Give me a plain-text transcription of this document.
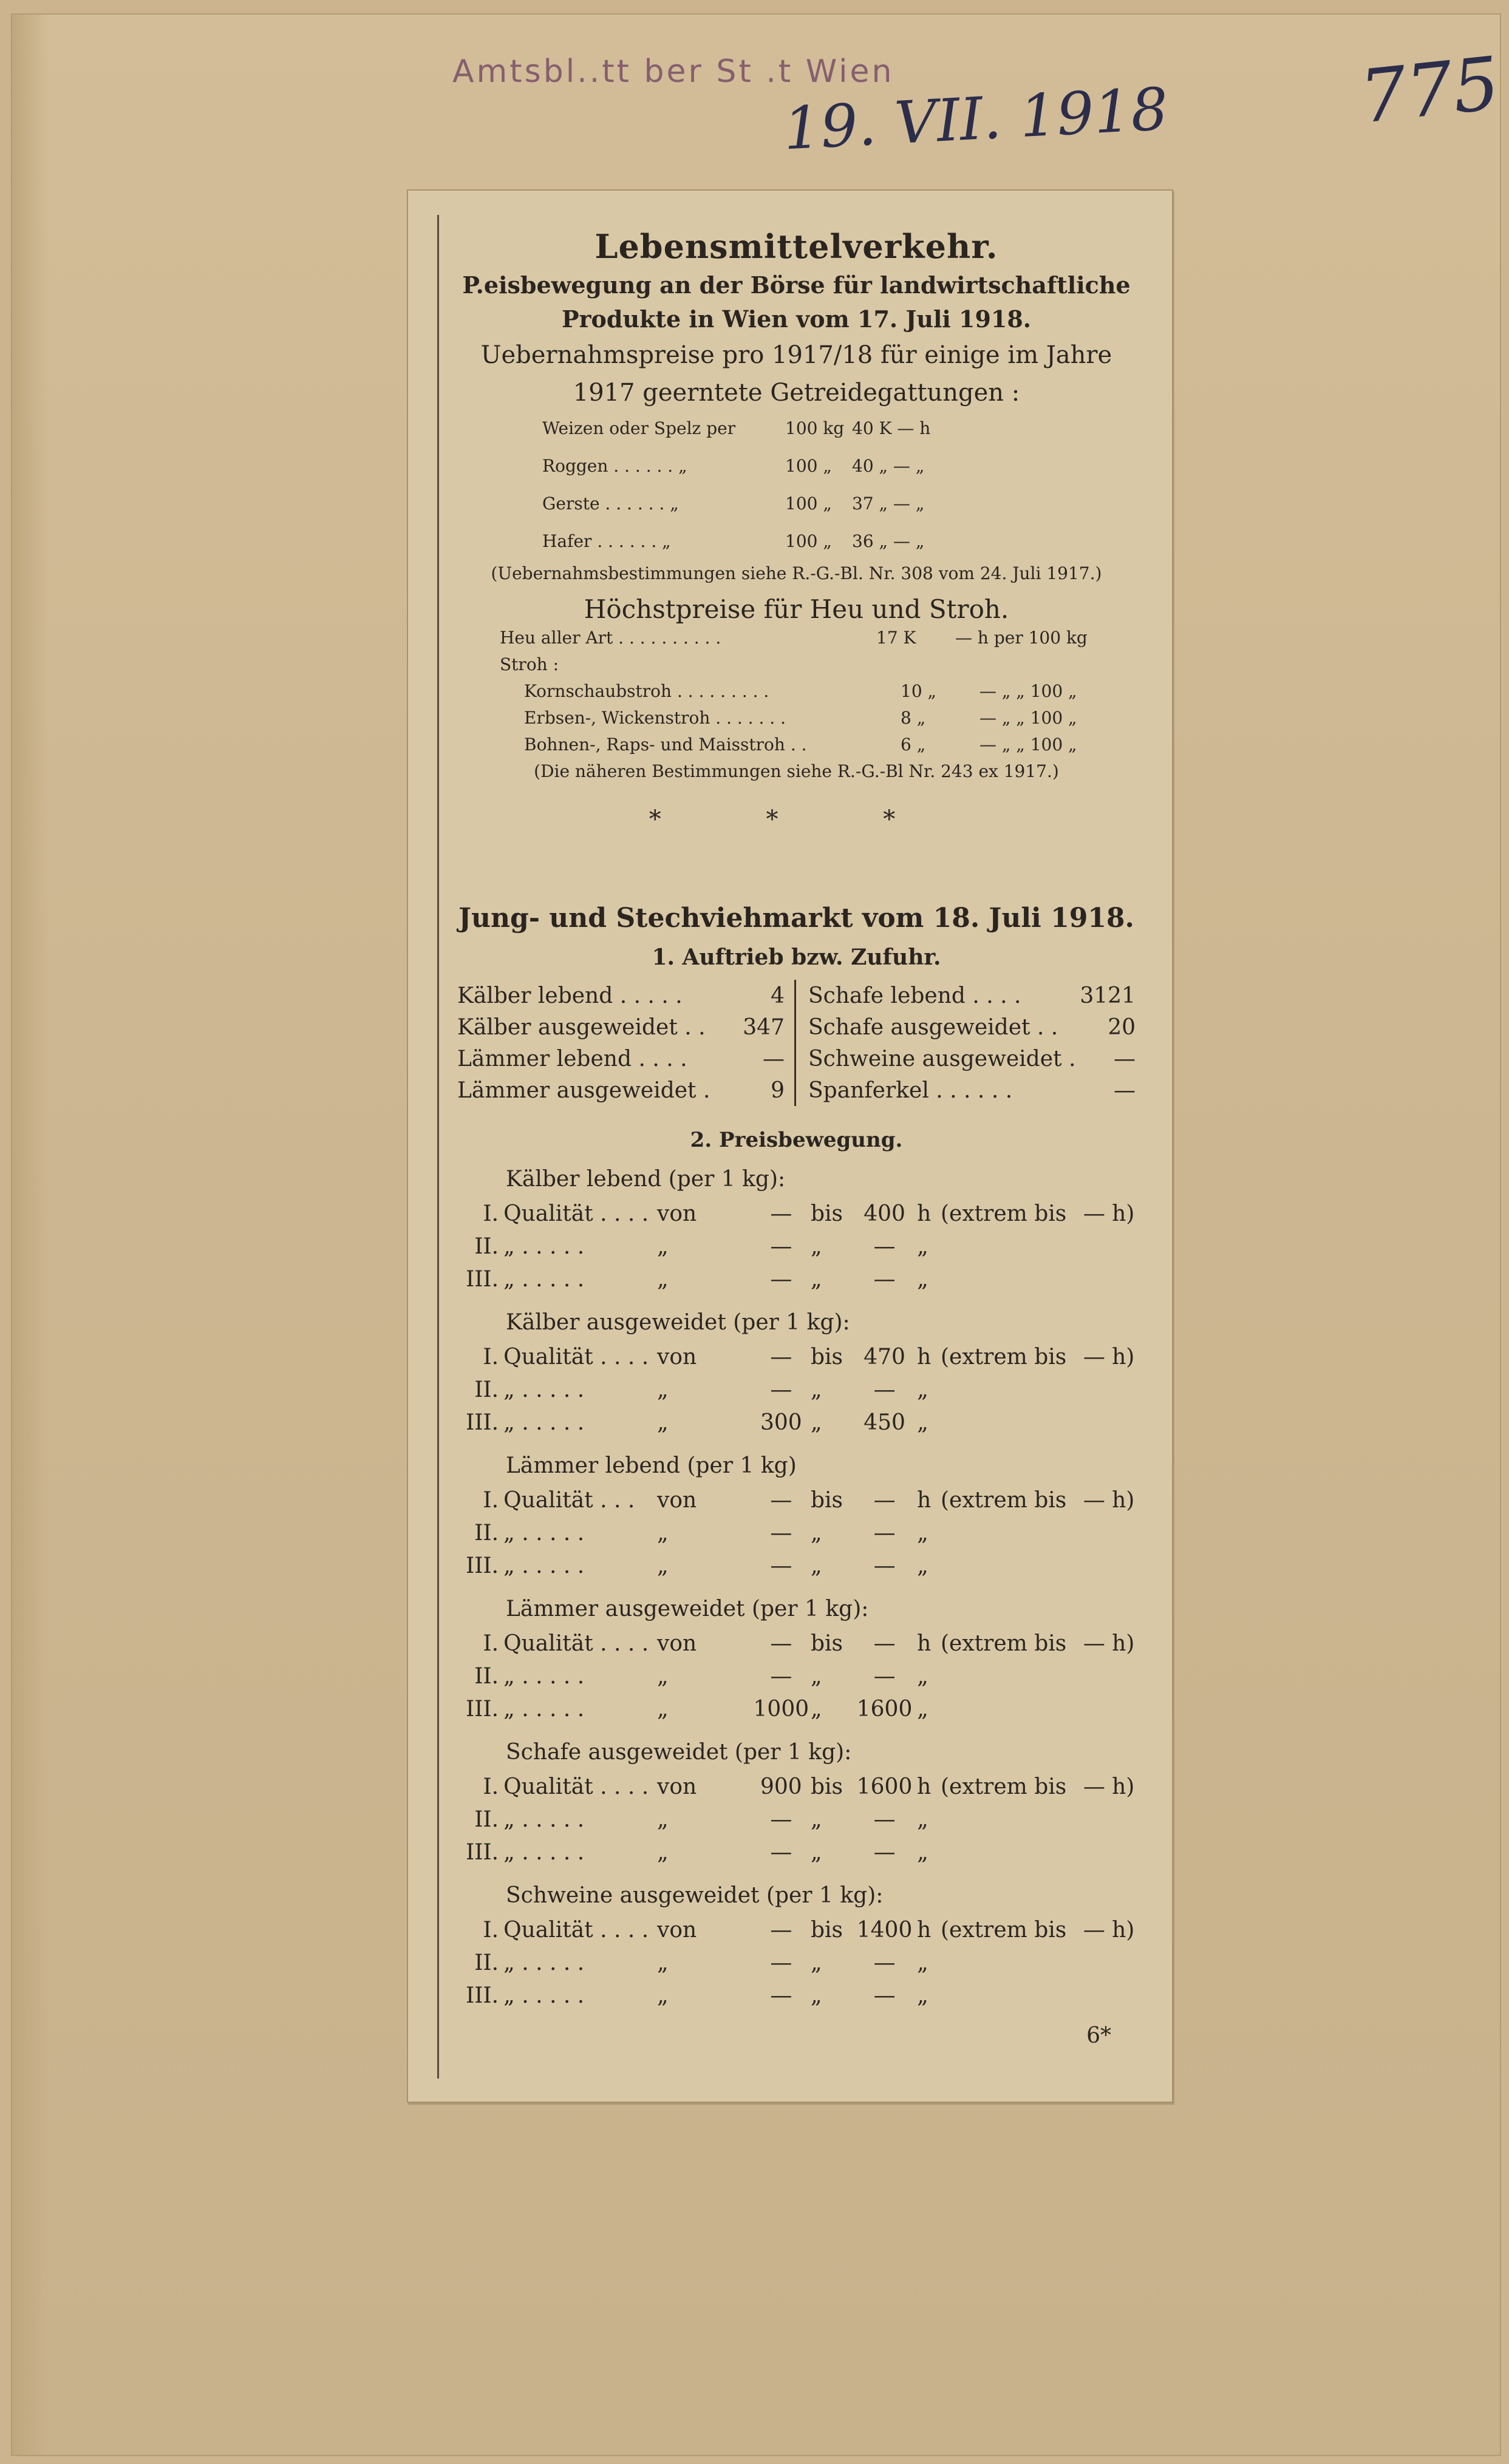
Amtsbl..tt ber St .t Wien
19. VII. 1918	775
Lebensmittelverkehr.
P.eisbewegung an der Börse für landwirtschaftliche
Produkte in Wien vom 17. Juli 1918.
Uebernahmspreise pro 1917/18 für einige im Jahre
1917 geerntete Getreidegattungen :
Weizen oder Spelz per	100 kg 40 K — h
Roggen . . . . . . „	100 „	40 „ — „
Gerste . . . . . . „	100 „	37 „ — „
Hafer . . . . . . „	100 „	36 „ — „
(Uebernahmsbestimmungen siehe R.-G.-Bl. Nr. 308 vom 24. Juli 1917.)
Höchstpreise für Heu und Stroh.
Heu aller Art . . . . . . . . . .	17 K	— h per 100 kg
Stroh :
Kornschaubstroh . . . . . . . . .	10 „	— „ „ 100 „
Erbsen-, Wickenstroh . . . . . . .	8 „	— „ „ 100 „
Bohnen-, Raps- und Maisstroh . .	6 „	— „ „ 100 „
(Die näheren Bestimmungen siehe R.-G.-Bl Nr. 243 ex 1917.)
* * *
Jung- und Stechviehmarkt vom 18. Juli 1918.
1. Auftrieb bzw. Zufuhr.
Kälber lebend . . . . .	4
Kälber ausgeweidet . . 347
Lämmer lebend . . . .	—
Lämmer ausgeweidet .	9
Schafe lebend . . . .	3121
Schafe ausgeweidet . . 20
Schweine ausgeweidet . —
Spanferkel . . . . . .	—
2. Preisbewegung.
Kälber lebend (per 1 kg):
I. Qualität . . . . von	— bis 400 h (extrem bis — h)
II. „ . . . . .	„	— „	— „
III. „ . . . . .	„	— „	— „
Kälber ausgeweidet (per 1 kg):
I. Qualität . . . . von	— bis 470 h (extrem bis — h)
II. „ . . . . .	„	— „	— „
III. „ . . . . .	„	300 „	450 „
Lämmer lebend (per 1 kg)
I. Qualität . . .	von	— bis	— h (extrem bis — h)
II. „ . . . . .	„	— „	— „
III. „ . . . . .	„	— „	— „
Lämmer ausgeweidet (per 1 kg):
I. Qualität . . . . von	— bis	— h (extrem bis — h)
II. „ . . . . .	„	— „	— „
III. „ . . . . .	„	1000 „	1600 „
Schafe ausgeweidet (per 1 kg):
I. Qualität . . . . von	900 bis 1600 h (extrem bis — h)
II. „ . . . . .	„	— „	— „
III. „ . . . . .	„	— „	— „
Schweine ausgeweidet (per 1 kg):
I. Qualität . . . . von	— bis 1400 h (extrem bis — h)
II. „ . . . . .	„	— „	— „
III. „ . . . . .	„	— „	— „
6*
